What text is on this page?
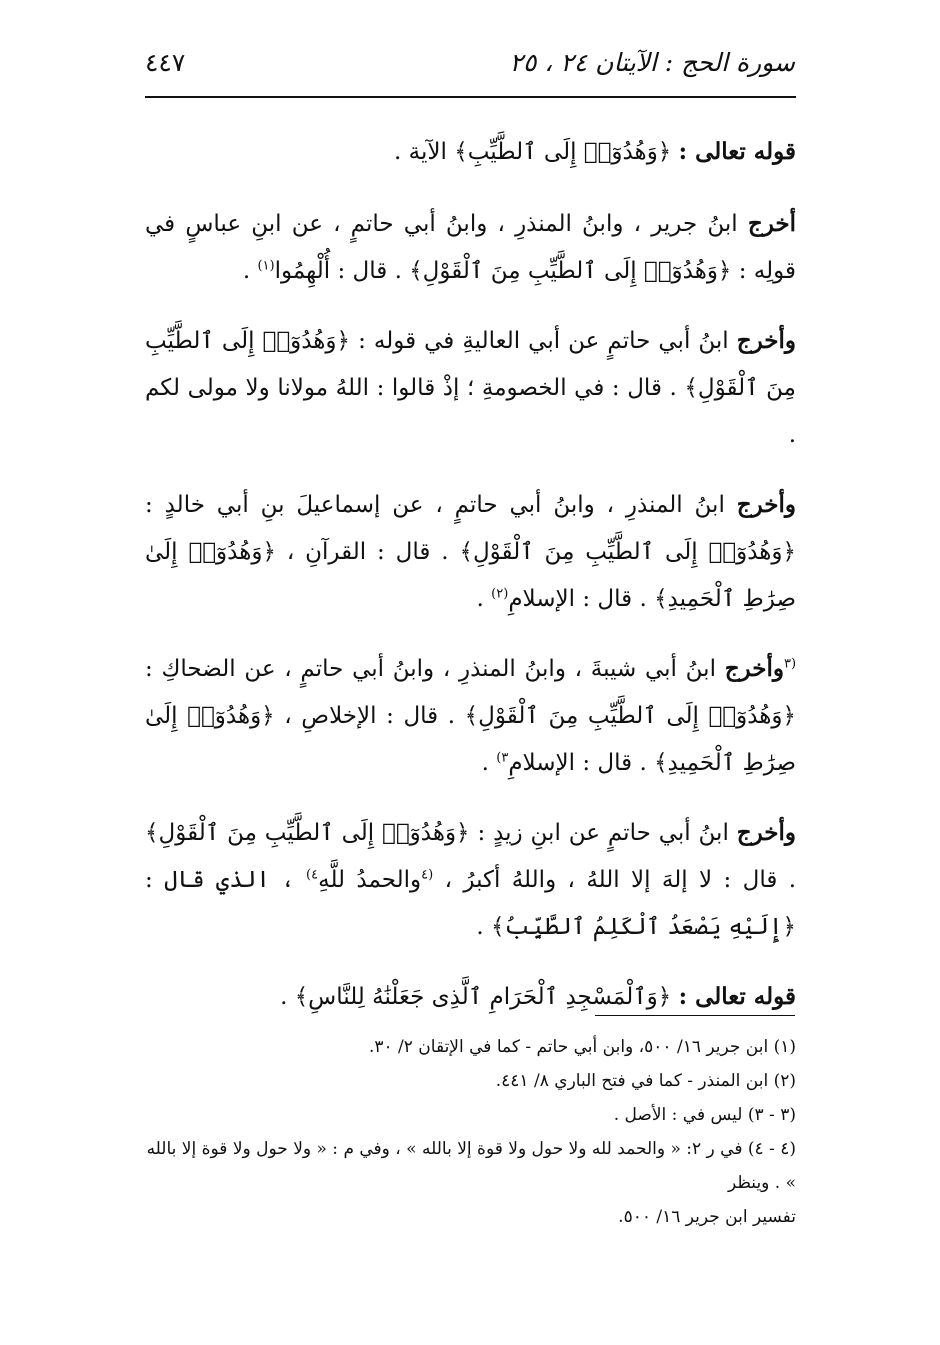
٤٤٧	سورة الحج : الآيتان ٢٤ ، ٢٥

قوله تعالى : ﴿وَهُدُوٓا۟ إِلَى ٱلطَّيِّبِ﴾ الآية .

أخرج ابنُ جرير ، وابنُ المنذرِ ، وابنُ أبي حاتمٍ ، عن ابنِ عباسٍ في قولِه : ﴿وَهُدُوٓا۟ إِلَى ٱلطَّيِّبِ مِنَ ٱلْقَوْلِ﴾ . قال : أُلْهِمُوا$^{(١)}$ .

وأخرج ابنُ أبي حاتمٍ عن أبي العاليةِ في قوله : ﴿وَهُدُوٓا۟ إِلَى ٱلطَّيِّبِ مِنَ ٱلْقَوْلِ﴾ . قال : في الخصومةِ ؛ إذْ قالوا : اللهُ مولانا ولا مولى لكم .

وأخرج ابنُ المنذرِ ، وابنُ أبي حاتمٍ ، عن إسماعيلَ بنِ أبي خالدٍ : ﴿وَهُدُوٓا۟ إِلَى ٱلطَّيِّبِ مِنَ ٱلْقَوْلِ﴾ . قال : القرآنِ ، ﴿وَهُدُوٓا۟ إِلَىٰ صِرَٰطِ ٱلْحَمِيدِ﴾ . قال : الإسلامِ$^{(٢)}$ .

$^{(٣}$وأخرج ابنُ أبي شيبةَ ، وابنُ المنذرِ ، وابنُ أبي حاتمٍ ، عن الضحاكِ : ﴿وَهُدُوٓا۟ إِلَى ٱلطَّيِّبِ مِنَ ٱلْقَوْلِ﴾ . قال : الإخلاصِ ، ﴿وَهُدُوٓا۟ إِلَىٰ صِرَٰطِ ٱلْحَمِيدِ﴾ . قال : الإسلامِ$^{٣)}$ .

وأخرج ابنُ أبي حاتمٍ عن ابنِ زيدٍ : ﴿وَهُدُوٓا۟ إِلَى ٱلطَّيِّبِ مِنَ ٱلْقَوْلِ﴾ . قال : لا إلهَ إلا اللهُ ، واللهُ أكبرُ ، $^{(٤}$والحمدُ للَّهِ$^{٤)}$ ، الذي قال : ﴿إِلَيْهِ يَصْعَدُ ٱلْكَلِمُ ٱلطَّيِّبُ﴾ .

قوله تعالى : ﴿وَٱلْمَسْجِدِ ٱلْحَرَامِ ٱلَّذِى جَعَلْنَٰهُ لِلنَّاسِ﴾ .

(١) ابن جرير ١٦/ ٥٠٠، وابن أبي حاتم - كما في الإتقان ٢/ ٣٠.

(٢) ابن المنذر - كما في فتح الباري ٨/ ٤٤١.

(٣ - ٣) ليس في : الأصل .

(٤ - ٤) في ر ٢: « والحمد لله ولا حول ولا قوة إلا بالله » ، وفي م : « ولا حول ولا قوة إلا بالله » . وينظر

تفسير ابن جرير ١٦/ ٥٠٠.
